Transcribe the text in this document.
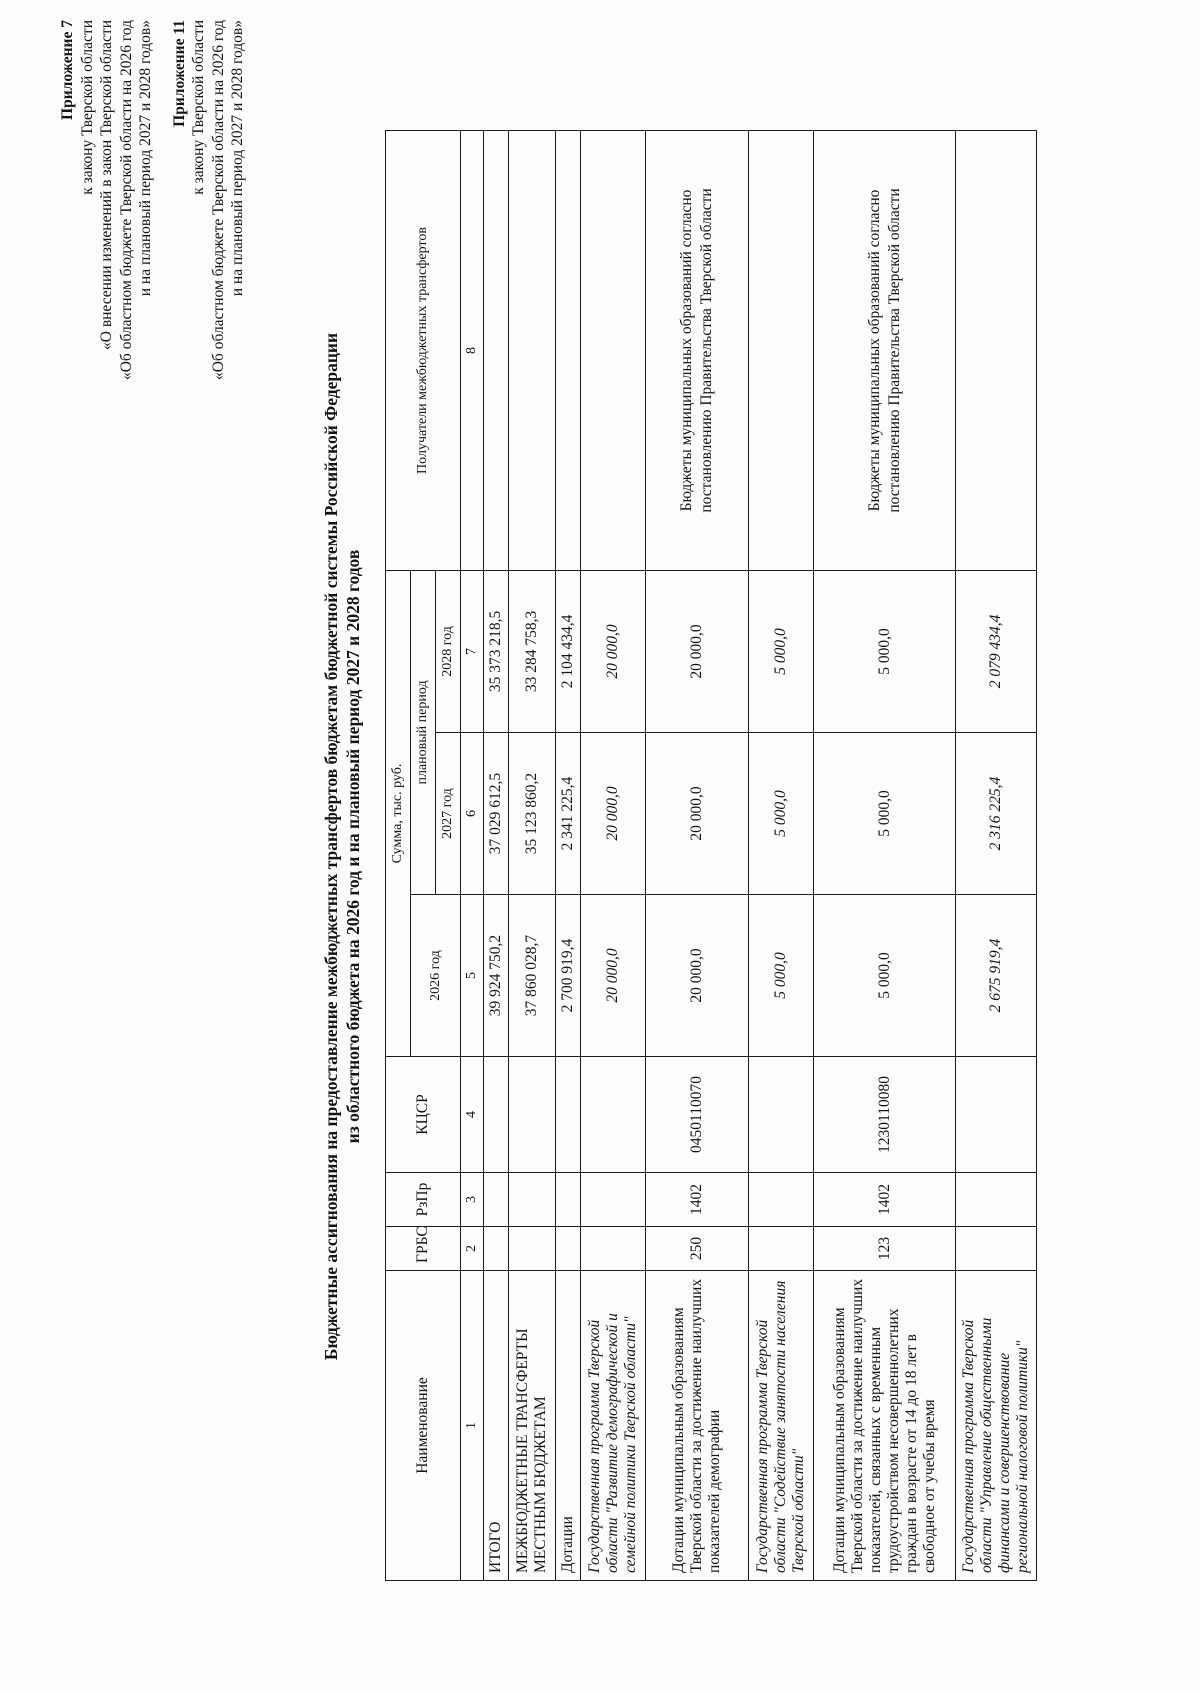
Приложение 7 к закону Тверской области «О внесении изменений в закон Тверской области «Об областном бюджете Тверской области на 2026 год и на плановый период 2027 и 2028 годов» Приложение 11 к закону Тверской области «Об областном бюджете Тверской области на 2026 год и на плановый период 2027 и 2028 годов»
Бюджетные ассигнования на предоставление межбюджетных трансфертов бюджетам бюджетной системы Российской Федерации из областного бюджета на 2026 год и на плановый период 2027 и 2028 годов
Наименование	ГРБС	РзПр	КЦСР	Сумма, тыс. руб.			Получатели межбюджетных трансфертов
				2026 год	плановый период		
					2027 год	2028 год	
1	2	3	4	5	6	7	8
ИТОГО				39 924 750,2	37 029 612,5	35 373 218,5	
МЕЖБЮДЖЕТНЫЕ ТРАНСФЕРТЫ МЕСТНЫМ БЮДЖЕТАМ				37 860 028,7	35 123 860,2	33 284 758,3	
Дотации				2 700 919,4	2 341 225,4	2 104 434,4	
Государственная программа Тверской области "Развитие демографической и семейной политики Тверской области"				20 000,0	20 000,0	20 000,0	
Дотации муниципальным образованиям Тверской области за достижение наилучших показателей демографии	250	1402	0450110070	20 000,0	20 000,0	20 000,0	Бюджеты муниципальных образований согласно постановлению Правительства Тверской области
Государственная программа Тверской области "Содействие занятости населения Тверской области"				5 000,0	5 000,0	5 000,0	
Дотации муниципальным образованиям Тверской области за достижение наилучших показателей, связанных с временным трудоустройством несовершеннолетних граждан в возрасте от 14 до 18 лет в свободное от учебы время	123	1402	1230110080	5 000,0	5 000,0	5 000,0	Бюджеты муниципальных образований согласно постановлению Правительства Тверской области
Государственная программа Тверской области "Управление общественными финансами и совершенствование региональной налоговой политики"				2 675 919,4	2 316 225,4	2 079 434,4	
